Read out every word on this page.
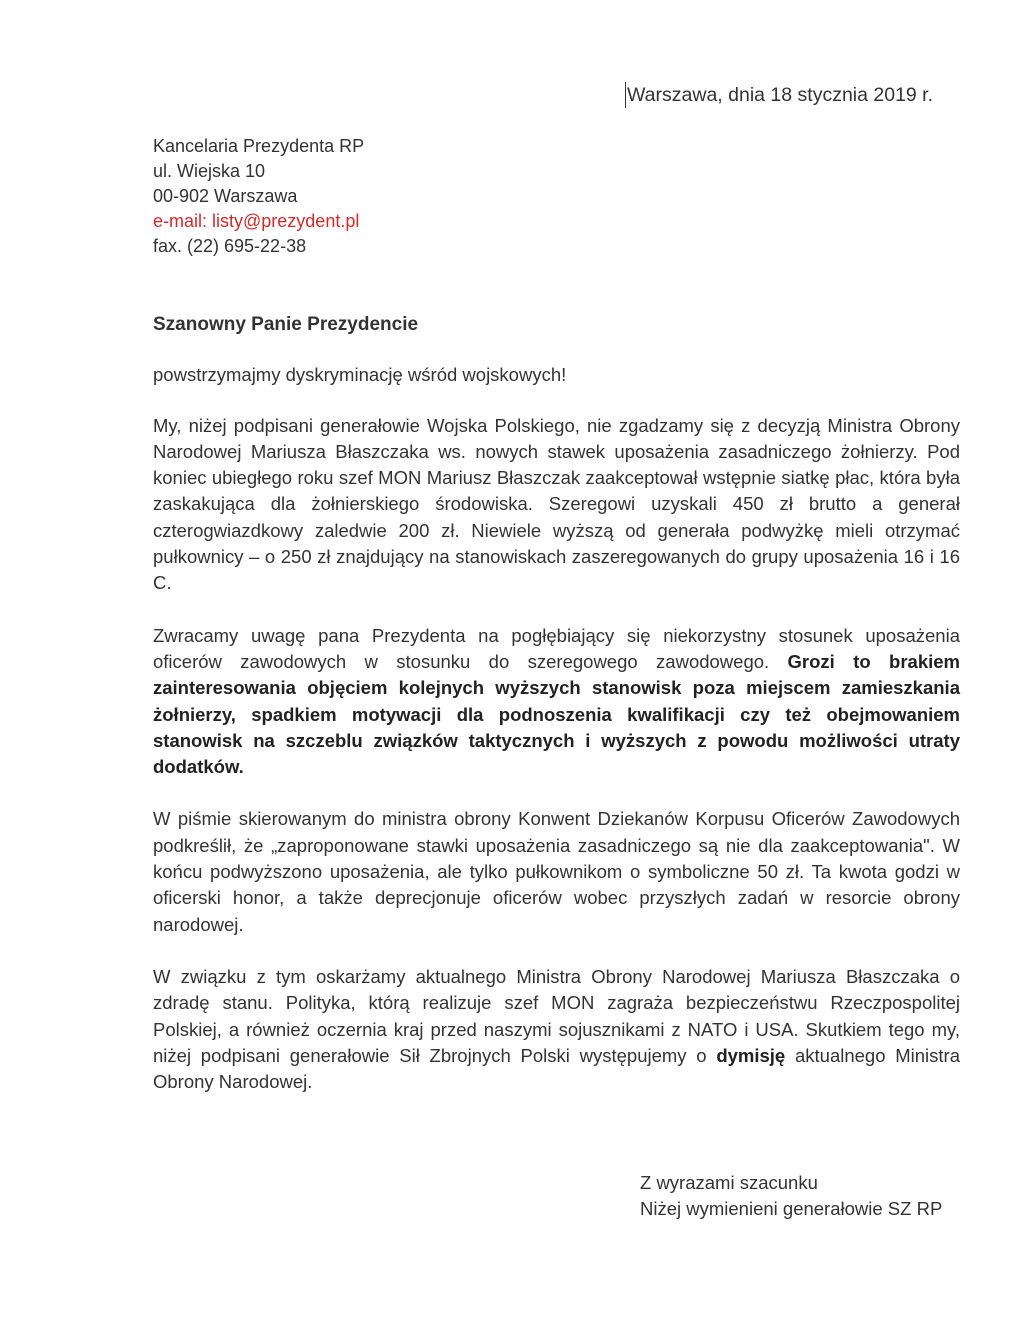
Warszawa, dnia 18 stycznia 2019 r.
Kancelaria Prezydenta RP
ul. Wiejska 10
00-902 Warszawa
e-mail: listy@prezydent.pl
fax. (22) 695-22-38

Szanowny Panie Prezydencie

powstrzymajmy dyskryminację wśród wojskowych!

My, niżej podpisani generałowie Wojska Polskiego, nie zgadzamy się z decyzją Ministra Obrony Narodowej Mariusza Błaszczaka ws. nowych stawek uposażenia zasadniczego żołnierzy. Pod koniec ubiegłego roku szef MON Mariusz Błaszczak zaakceptował wstępnie siatkę płac, która była zaskakująca dla żołnierskiego środowiska. Szeregowi uzyskali 450 zł brutto a generał czterogwiazdkowy zaledwie 200 zł. Niewiele wyższą od generała podwyżkę mieli otrzymać pułkownicy – o 250 zł znajdujący na stanowiskach zaszeregowanych do grupy uposażenia 16 i 16 C.

Zwracamy uwagę pana Prezydenta na pogłębiający się niekorzystny stosunek uposażenia oficerów zawodowych w stosunku do szeregowego zawodowego. Grozi to brakiem zainteresowania objęciem kolejnych wyższych stanowisk poza miejscem zamieszkania żołnierzy, spadkiem motywacji dla podnoszenia kwalifikacji czy też obejmowaniem stanowisk na szczeblu związków taktycznych i wyższych z powodu możliwości utraty dodatków.

W piśmie skierowanym do ministra obrony Konwent Dziekanów Korpusu Oficerów Zawodowych podkreślił, że „zaproponowane stawki uposażenia zasadniczego są nie dla zaakceptowania". W końcu podwyższono uposażenia, ale tylko pułkownikom o symboliczne 50 zł. Ta kwota godzi w oficerski honor, a także deprecjonuje oficerów wobec przyszłych zadań w resorcie obrony narodowej.

W związku z tym oskarżamy aktualnego Ministra Obrony Narodowej Mariusza Błaszczaka o zdradę stanu. Polityka, którą realizuje szef MON zagraża bezpieczeństwu Rzeczpospolitej Polskiej, a również oczernia kraj przed naszymi sojusznikami z NATO i USA. Skutkiem tego my, niżej podpisani generałowie Sił Zbrojnych Polski występujemy o dymisję aktualnego Ministra Obrony Narodowej.

Z wyrazami szacunku
Niżej wymienieni generałowie SZ RP
